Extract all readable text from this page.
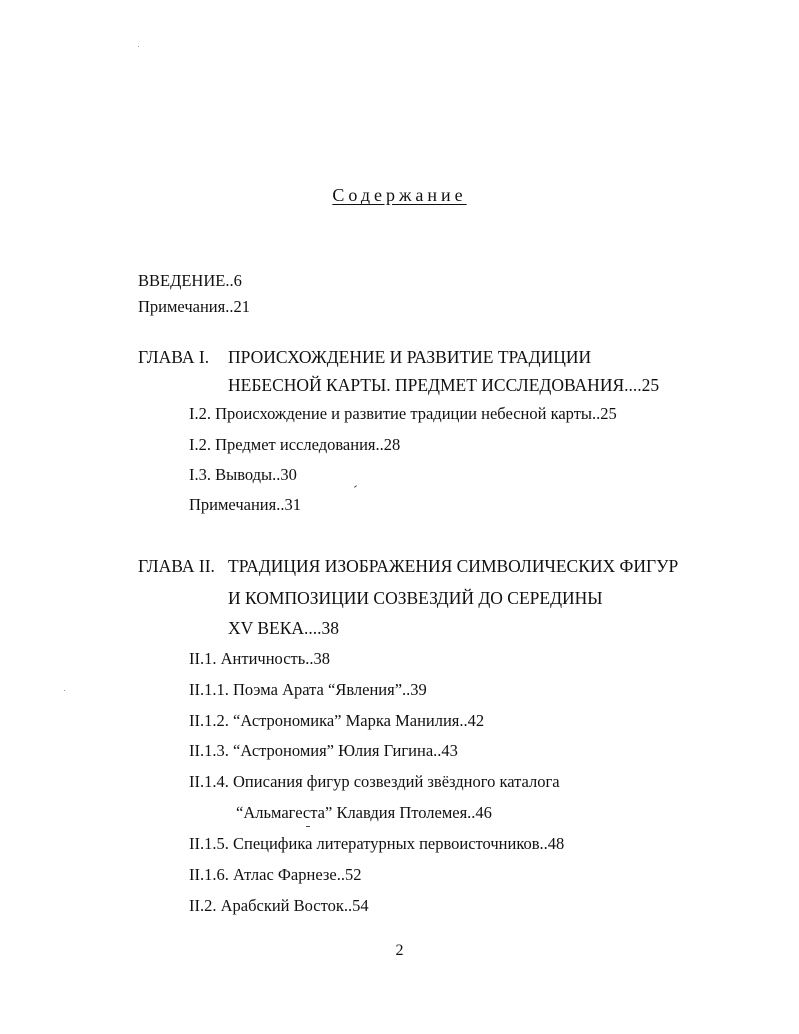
Содержание
ВВЕДЕНИЕ..6
Примечания..21
ГЛАВА I. ПРОИСХОЖДЕНИЕ И РАЗВИТИЕ ТРАДИЦИИ
НЕБЕСНОЙ КАРТЫ. ПРЕДМЕТ ИССЛЕДОВАНИЯ....25
I.2. Происхождение и развитие традиции небесной карты..25
I.2. Предмет исследования..28
I.3. Выводы..30
Примечания..31
ГЛАВА II. ТРАДИЦИЯ ИЗОБРАЖЕНИЯ СИМВОЛИЧЕСКИХ ФИГУР
И КОМПОЗИЦИИ СОЗВЕЗДИЙ ДО СЕРЕДИНЫ
XV ВЕКА....38
II.1. Античность..38
II.1.1. Поэма Арата “Явления”..39
II.1.2. “Астрономика” Марка Манилия..42
II.1.3. “Астрономия” Юлия Гигина..43
II.1.4. Описания фигур созвездий звёздного каталога
“Альмагеста” Клавдия Птолемея..46
II.1.5. Специфика литературных первоисточников..48
II.1.6. Атлас Фарнезе..52
II.2. Арабский Восток..54
2
